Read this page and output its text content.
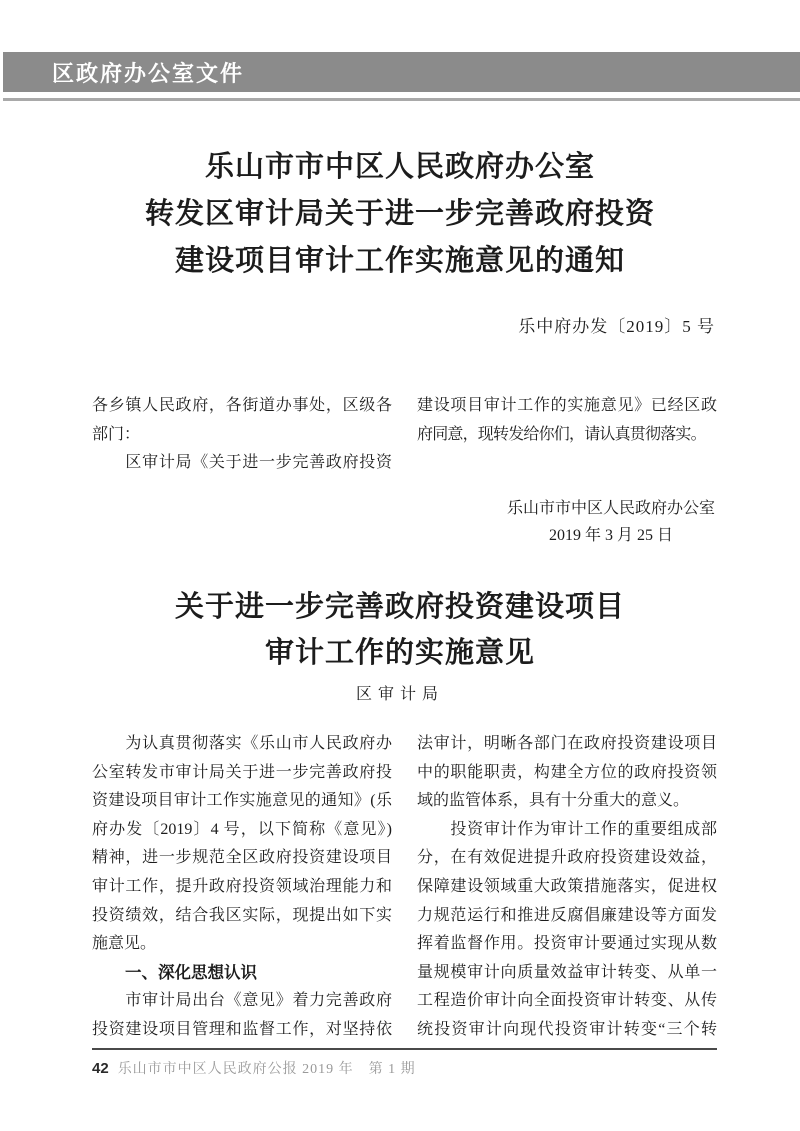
区政府办公室文件
乐山市市中区人民政府办公室
转发区审计局关于进一步完善政府投资
建设项目审计工作实施意见的通知
乐中府办发〔2019〕5 号
各乡镇人民政府，各街道办事处，区级各
部门：
　　区审计局《关于进一步完善政府投资
建设项目审计工作的实施意见》已经区政
府同意，现转发给你们，请认真贯彻落实。
乐山市市中区人民政府办公室
2019 年 3 月 25 日
关于进一步完善政府投资建设项目
审计工作的实施意见
区审计局
　　为认真贯彻落实《乐山市人民政府办
公室转发市审计局关于进一步完善政府投
资建设项目审计工作实施意见的通知》(乐
府办发〔2019〕4 号，以下简称《意见》)
精神，进一步规范全区政府投资建设项目
审计工作，提升政府投资领域治理能力和
投资绩效，结合我区实际，现提出如下实
施意见。
　　一、深化思想认识
　　市审计局出台《意见》着力完善政府
投资建设项目管理和监督工作，对坚持依
法审计，明晰各部门在政府投资建设项目
中的职能职责，构建全方位的政府投资领
域的监管体系，具有十分重大的意义。
　　投资审计作为审计工作的重要组成部
分，在有效促进提升政府投资建设效益，
保障建设领域重大政策措施落实，促进权
力规范运行和推进反腐倡廉建设等方面发
挥着监督作用。投资审计要通过实现从数
量规模审计向质量效益审计转变、从单一
工程造价审计向全面投资审计转变、从传
统投资审计向现代投资审计转变“三个转
42 乐山市市中区人民政府公报 2019 年　第 1 期
